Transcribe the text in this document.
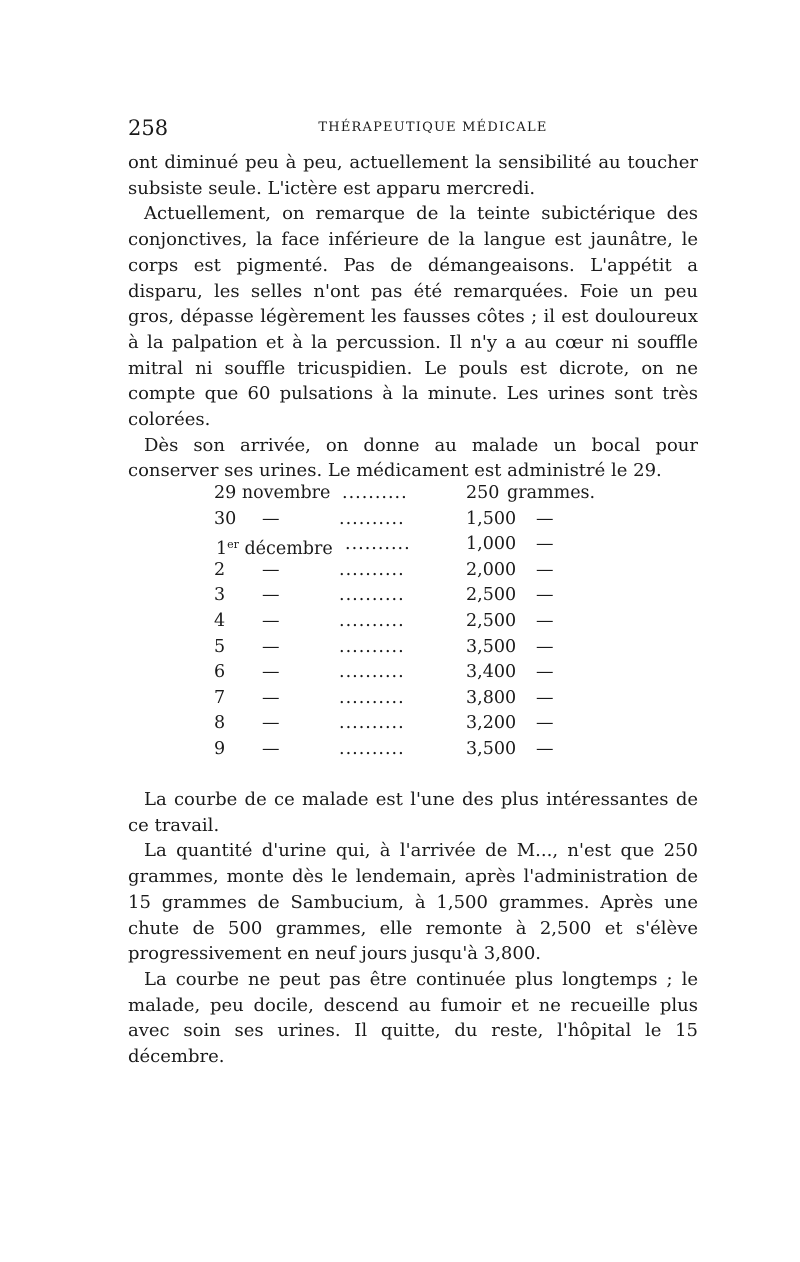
258	THÉRAPEUTIQUE MÉDICALE

ont diminué peu à peu, actuellement la sensibilité au toucher subsiste seule. L'ictère est apparu mercredi.

Actuellement, on remarque de la teinte subictérique des conjonctives, la face inférieure de la langue est jaunâtre, le corps est pigmenté. Pas de démangeaisons. L'appétit a disparu, les selles n'ont pas été remarquées. Foie un peu gros, dépasse légèrement les fausses côtes ; il est douloureux à la palpation et à la percussion. Il n'y a au cœur ni souffle mitral ni souffle tricuspidien. Le pouls est dicrote, on ne compte que 60 pulsations à la minute. Les urines sont très colorées.

Dès son arrivée, on donne au malade un bocal pour conserver ses urines. Le médicament est administré le 29.

29 novembre ..........	250 grammes.
30 —	..........	1,500 —
1er décembre ..........	1,000 —
2 —	..........	2,000 —
3 —	..........	2,500 —
4 —	..........	2,500 —
5 —	..........	3,500 —
6 —	..........	3,400 —
7 —	..........	3,800 —
8 —	..........	3,200 —
9 —	..........	3,500 —

La courbe de ce malade est l'une des plus intéressantes de ce travail.

La quantité d'urine qui, à l'arrivée de M..., n'est que 250 grammes, monte dès le lendemain, après l'administration de 15 grammes de Sambucium, à 1,500 grammes. Après une chute de 500 grammes, elle remonte à 2,500 et s'élève progressivement en neuf jours jusqu'à 3,800.

La courbe ne peut pas être continuée plus longtemps ; le malade, peu docile, descend au fumoir et ne recueille plus avec soin ses urines. Il quitte, du reste, l'hôpital le 15 décembre.
